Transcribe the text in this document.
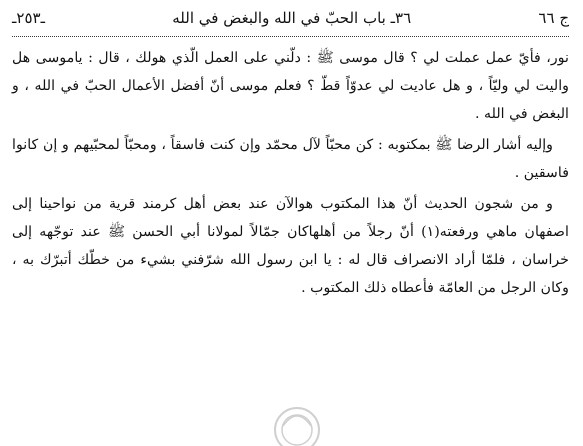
ـ٢٥٣ـ	٣٦ـ باب الحبّ في الله والبغض في الله	ج ٦٦

نور، فأيّ عمل عملت لي ؟ قال موسى ﷺ : دلّني على العمل الّذي هولك ، قال : ياموسى هل واليت لي وليّاً ، و هل عاديت لي عدوّاً قطّ ؟ فعلم موسى أنّ أفضل الأعمال الحبّ في الله ، و البغض في الله .

وإليه أشار الرضا ﷺ بمكتوبه : كن محبّاً لآل محمّد وإن كنت فاسقاً ، ومحبّاً لمحبّيهم و إن كانوا فاسقين .

و من شجون الحديث أنّ هذا المكتوب هوالآن عند بعض أهل كرمند قرية من نواحينا إلى اصفهان ماهي ورفعته(١) أنّ رجلاً من أهلهاكان جمّالاً لمولانا أبي الحسن ﷺ عند توجّهه إلى خراسان ، فلمّا أراد الانصراف قال له : يا ابن رسول الله شرّفني بشيء من خطّك أتبرّك به ، وكان الرجل من العامّة فأعطاه ذلك المكتوب .
